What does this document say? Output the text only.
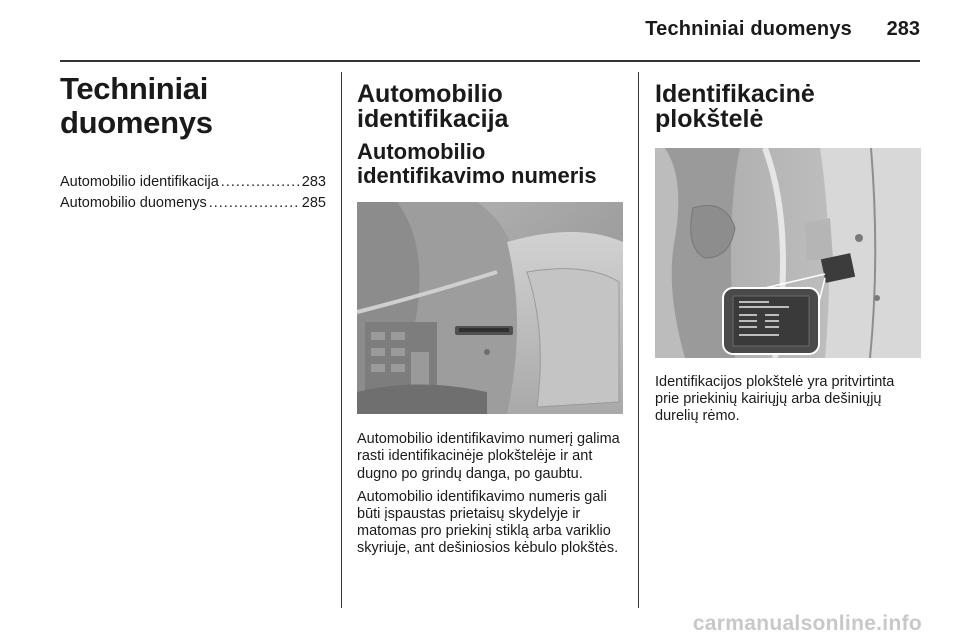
Techniniai duomenys 283
Techniniai duomenys
Automobilio identifikacija .....	283
Automobilio duomenys .....	285
Automobilio identifikacija
Automobilio identifikavimo numeris

Automobilio identifikavimo numerį galima rasti identifikacinėje plokštelėje ir ant dugno po grindų danga, po gaubtu.

Automobilio identifikavimo numeris gali būti įspaustas prietaisų skydelyje ir matomas pro priekinį stiklą arba variklio skyriuje, ant dešiniosios kėbulo plokštės.

Identifikacinė plokštelė

Identifikacijos plokštelė yra pritvirtinta prie priekinių kairiųjų arba dešiniųjų durelių rėmo.

carmanualsonline.info
